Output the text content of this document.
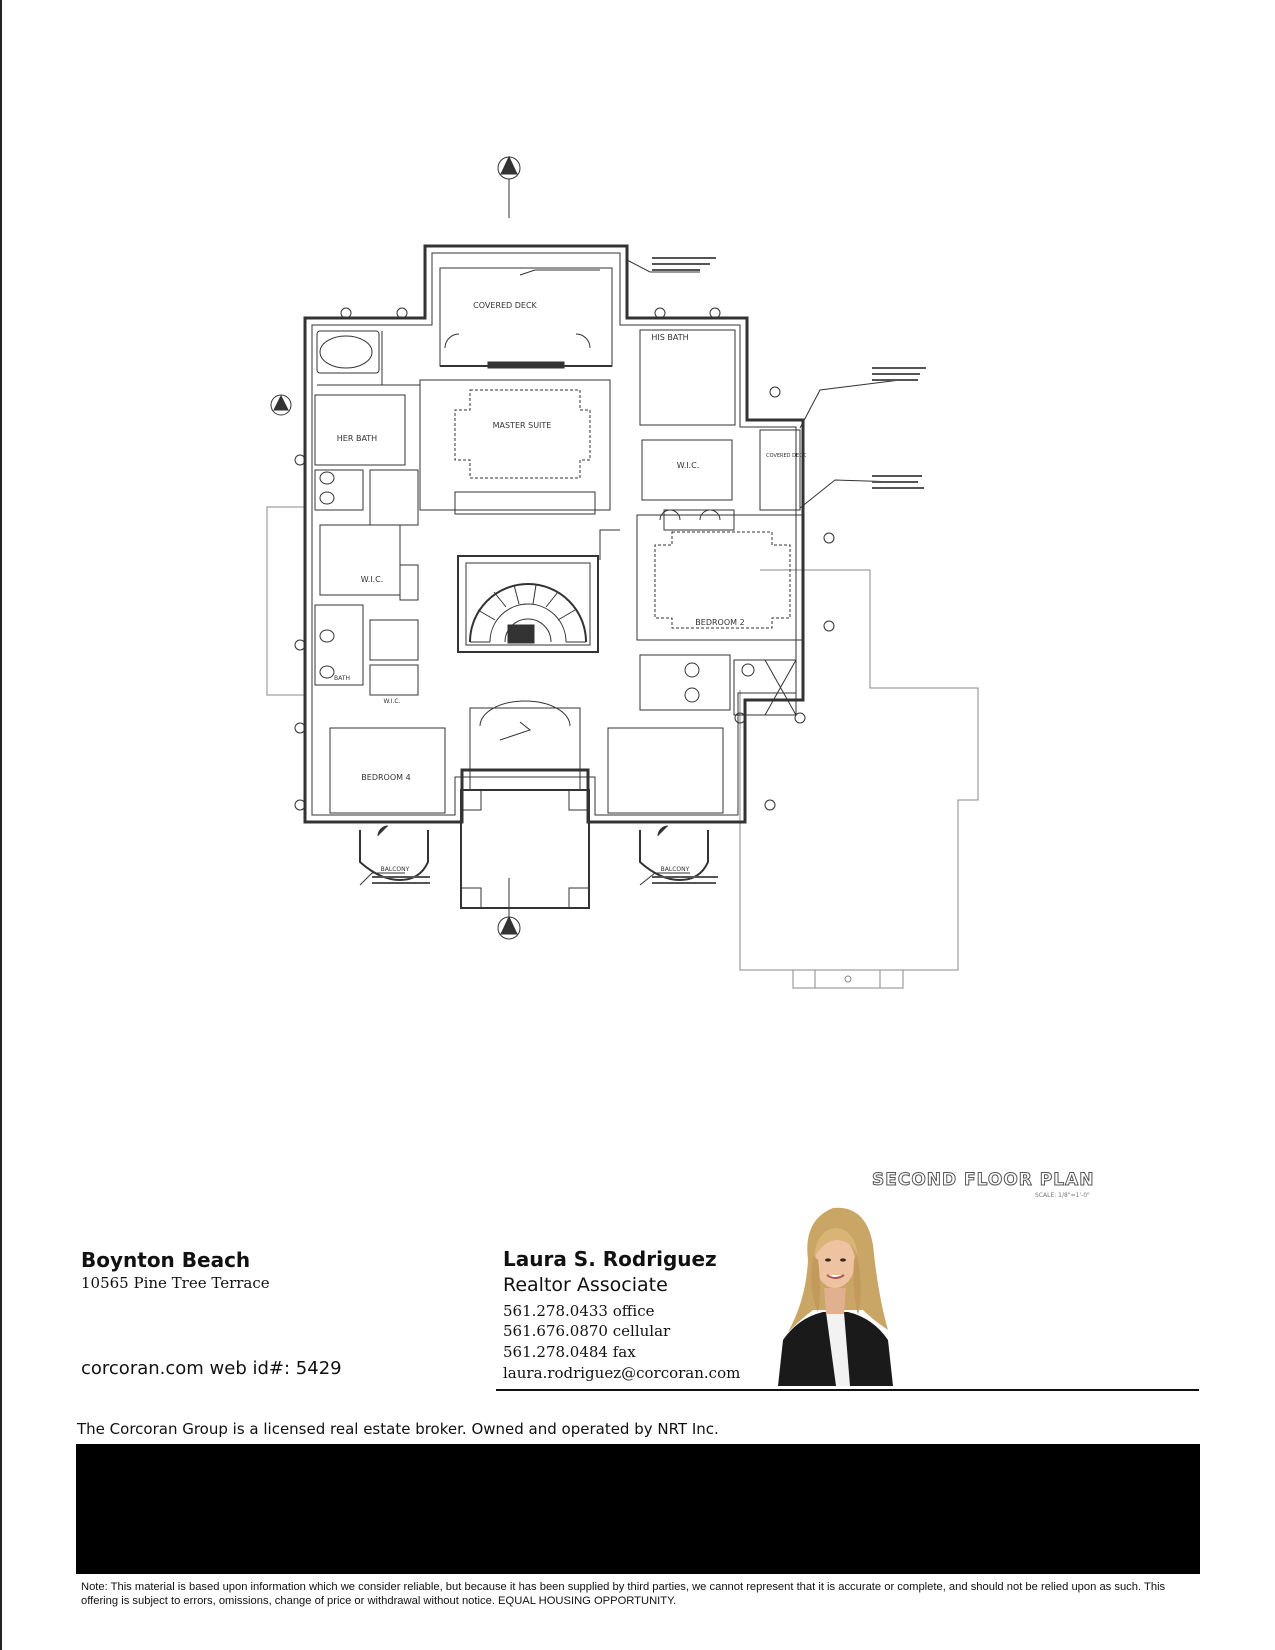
COVERED DECK
HIS BATH
HER BATH
MASTER SUITE
W.I.C.
COVERED DECK
BEDROOM 2
W.I.C.
BATH
W.I.C.
BEDROOM 4
BALCONY	BALCONY
A
A
SECOND FLOOR PLAN
SCALE: 1/8"=1'-0"
Boynton Beach
10565 Pine Tree Terrace
corcoran.com web id#: 5429
Laura S. Rodriguez
Realtor Associate
561.278.0433 office
561.676.0870 cellular
561.278.0484 fax
laura.rodriguez@corcoran.com
The Corcoran Group is a licensed real estate broker. Owned and operated by NRT Inc.
Note: This material is based upon information which we consider reliable, but because it has been supplied by third parties, we cannot represent that it is accurate or complete, and should not be relied upon as such. This offering is subject to errors, omissions, change of price or withdrawal without notice. EQUAL HOUSING OPPORTUNITY.
